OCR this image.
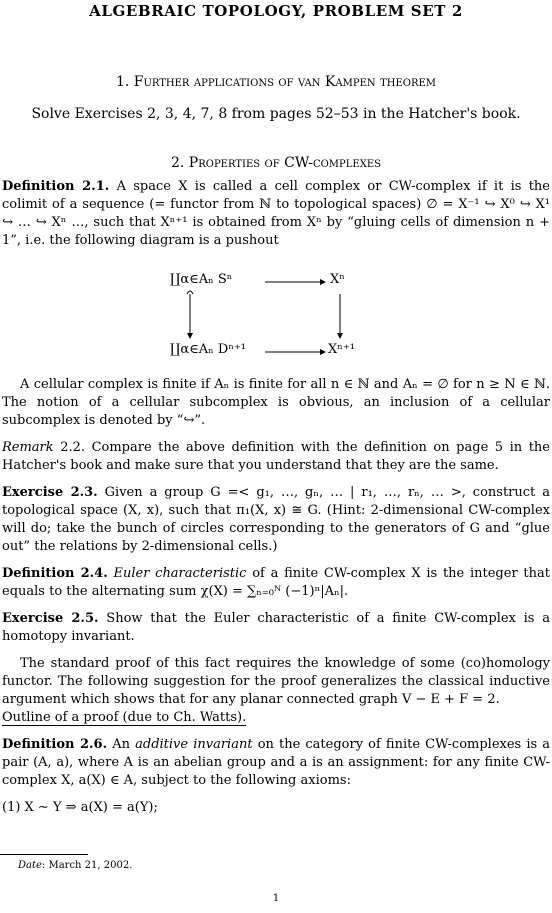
ALGEBRAIC TOPOLOGY, PROBLEM SET 2
1. Further applications of van Kampen theorem
Solve Exercises 2, 3, 4, 7, 8 from pages 52–53 in the Hatcher's book.
2. Properties of CW-complexes
Definition 2.1. A space X is called a cell complex or CW-complex if it is the colimit of a sequence (= functor from ℕ to topological spaces) ∅ = X⁻¹ ↪ X⁰ ↪ X¹ ↪ … ↪ Xⁿ …, such that Xⁿ⁺¹ is obtained from Xⁿ by “gluing cells of dimension n + 1”, i.e. the following diagram is a pushout
∐α∈Aₙ Sⁿ	Xⁿ
∐α∈Aₙ Dⁿ⁺¹	Xⁿ⁺¹

A cellular complex is finite if Aₙ is finite for all n ∈ ℕ and Aₙ = ∅ for n ≥ N ∈ ℕ. The notion of a cellular subcomplex is obvious, an inclusion of a cellular subcomplex is denoted by “↪”.

Remark 2.2. Compare the above definition with the definition on page 5 in the Hatcher's book and make sure that you understand that they are the same.

Exercise 2.3. Given a group G =< g₁, …, gₙ, … | r₁, …, rₙ, … >, construct a topological space (X, x), such that π₁(X, x) ≅ G. (Hint: 2-dimensional CW-complex will do; take the bunch of circles corresponding to the generators of G and “glue out” the relations by 2-dimensional cells.)

Definition 2.4. Euler characteristic of a finite CW-complex X is the integer that equals to the alternating sum χ(X) = ∑ₙ₌₀ᴺ (−1)ⁿ|Aₙ|.

Exercise 2.5. Show that the Euler characteristic of a finite CW-complex is a homotopy invariant.

The standard proof of this fact requires the knowledge of some (co)homology functor. The following suggestion for the proof generalizes the classical inductive argument which shows that for any planar connected graph V − E + F = 2.

Outline of a proof (due to Ch. Watts).

Definition 2.6. An additive invariant on the category of finite CW-complexes is a pair (A, a), where A is an abelian group and a is an assignment: for any finite CW-complex X, a(X) ∈ A, subject to the following axioms:

(1) X ∼ Y ⇒ a(X) = a(Y);

Date: March 21, 2002.
1
